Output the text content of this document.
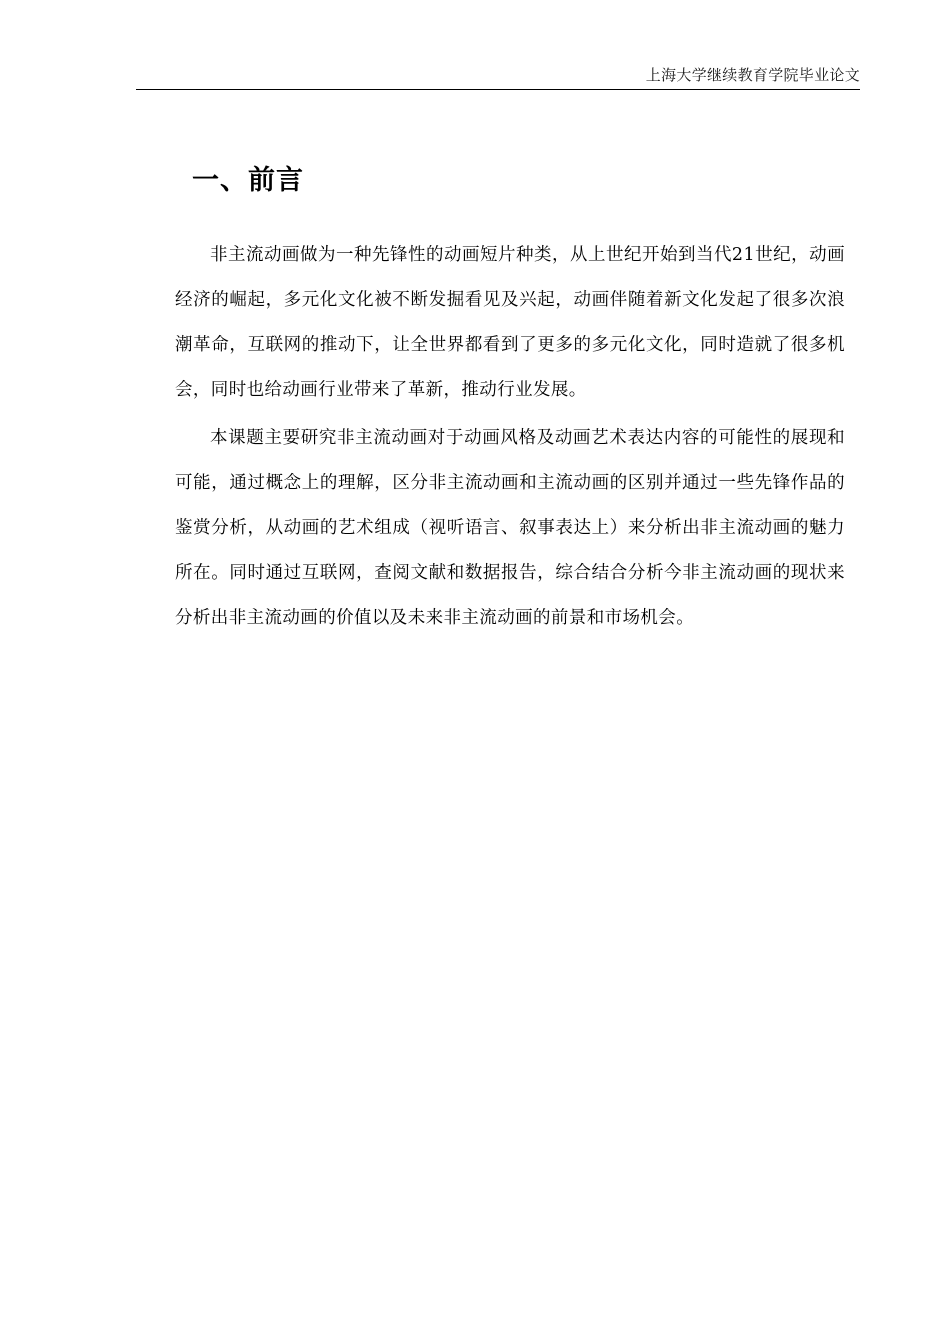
上海大学继续教育学院毕业论文
一、前言

非主流动画做为一种先锋性的动画短片种类，从上世纪开始到当代21世纪，动画经济的崛起，多元化文化被不断发掘看见及兴起，动画伴随着新文化发起了很多次浪潮革命，互联网的推动下，让全世界都看到了更多的多元化文化，同时造就了很多机会，同时也给动画行业带来了革新，推动行业发展。

本课题主要研究非主流动画对于动画风格及动画艺术表达内容的可能性的展现和可能，通过概念上的理解，区分非主流动画和主流动画的区别并通过一些先锋作品的鉴赏分析，从动画的艺术组成（视听语言、叙事表达上）来分析出非主流动画的魅力所在。同时通过互联网，查阅文献和数据报告，综合结合分析今非主流动画的现状来分析出非主流动画的价值以及未来非主流动画的前景和市场机会。
